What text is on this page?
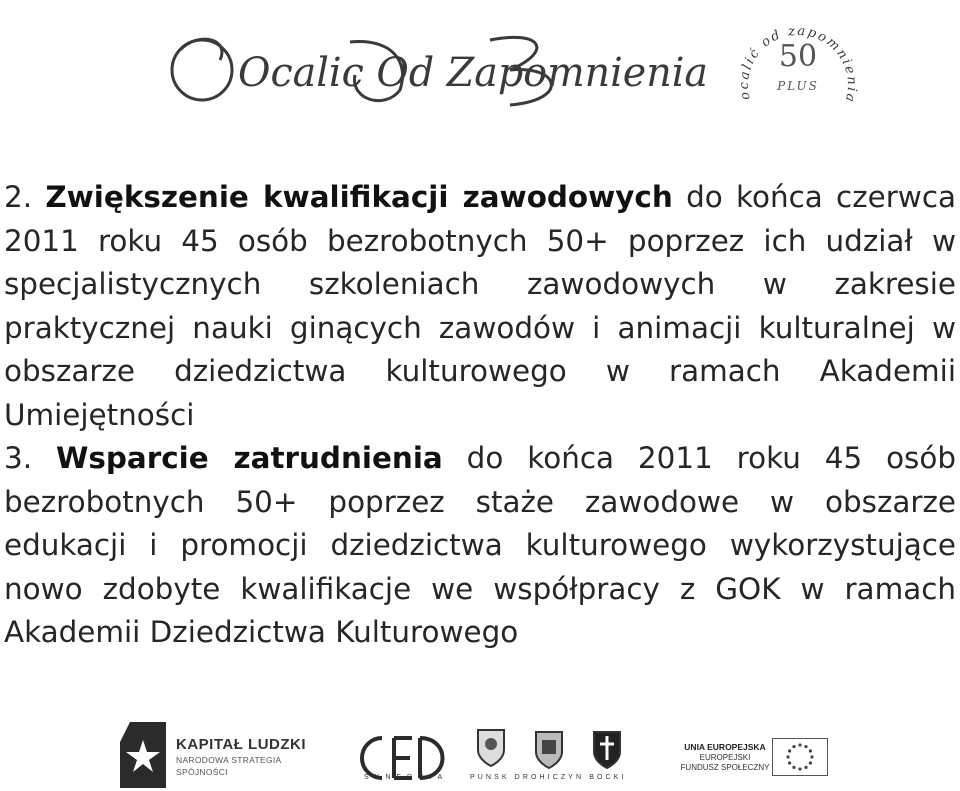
Ocalic Od Zapomnienia ocalić od zapomnienia
50
PLUS

2. Zwiększenie kwalifikacji zawodowych do końca czerwca 2011 roku 45 osób bezrobotnych 50+ poprzez ich udział w specjalistycznych szkoleniach zawodowych w zakresie praktycznej nauki ginących zawodów i animacji kulturalnej w obszarze dziedzictwa kulturowego w ramach Akademii Umiejętności

3. Wsparcie zatrudnienia do końca 2011 roku 45 osób bezrobotnych 50+ poprzez staże zawodowe w obszarze edukacji i promocji dziedzictwa kulturowego wykorzystujące nowo zdobyte kwalifikacje we współpracy z GOK w ramach Akademii Dziedzictwa Kulturowego

KAPITAŁ LUDZKI
NARODOWA STRATEGIA SPÓJNOŚCI
SYNERGIA	PUNSK DROHICZYN BOCKI
UNIA EUROPEJSKA
EUROPEJSKI
FUNDUSZ SPOŁECZNY
